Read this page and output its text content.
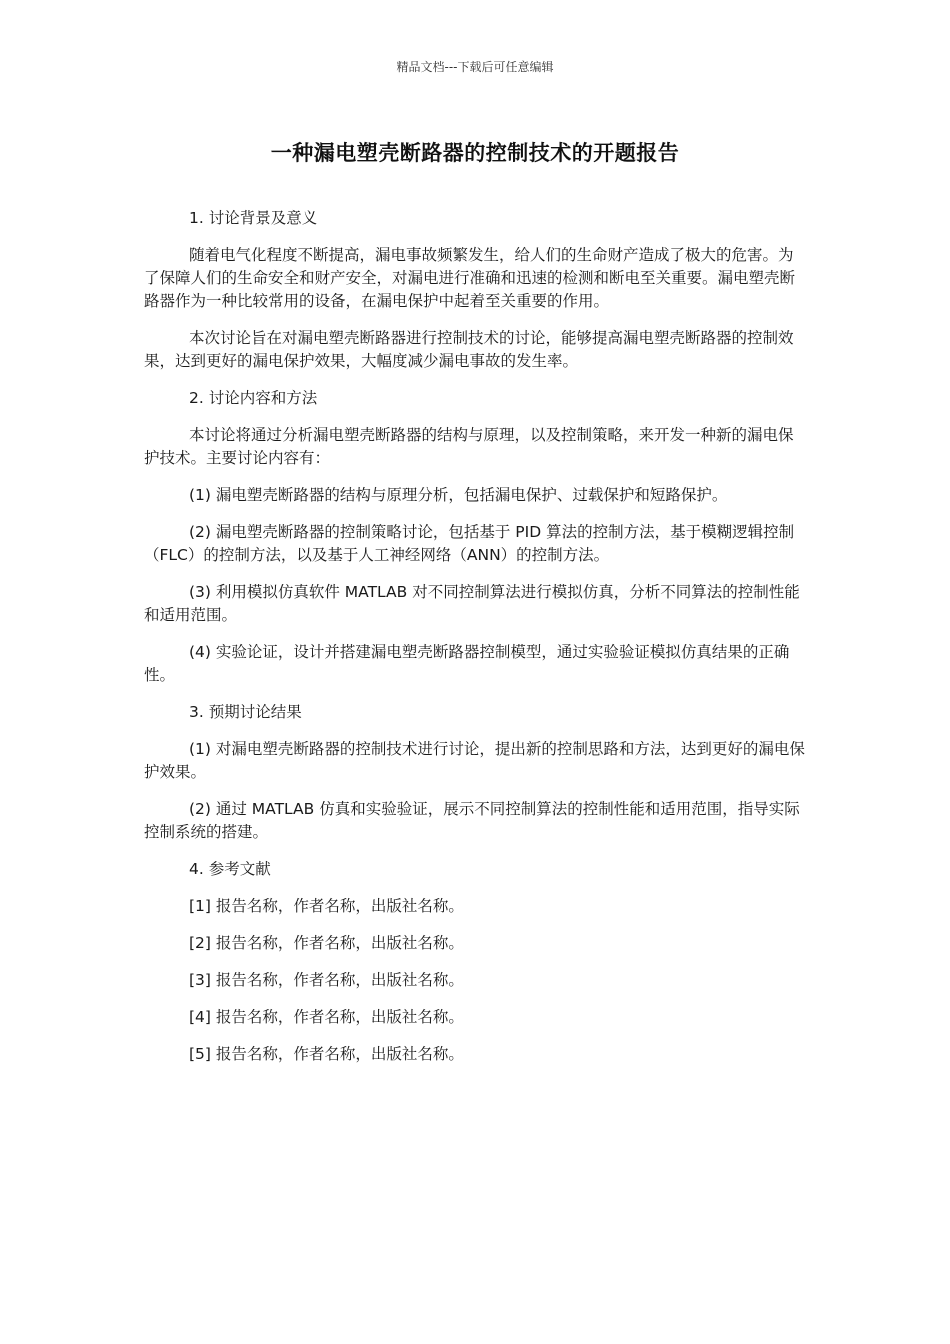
精品文档---下载后可任意编辑
一种漏电塑壳断路器的控制技术的开题报告

1. 讨论背景及意义

随着电气化程度不断提高，漏电事故频繁发生，给人们的生命财产造成了极大的危害。为了保障人们的生命安全和财产安全，对漏电进行准确和迅速的检测和断电至关重要。漏电塑壳断路器作为一种比较常用的设备，在漏电保护中起着至关重要的作用。

本次讨论旨在对漏电塑壳断路器进行控制技术的讨论，能够提高漏电塑壳断路器的控制效果，达到更好的漏电保护效果，大幅度减少漏电事故的发生率。

2. 讨论内容和方法

本讨论将通过分析漏电塑壳断路器的结构与原理，以及控制策略，来开发一种新的漏电保护技术。主要讨论内容有：

(1) 漏电塑壳断路器的结构与原理分析，包括漏电保护、过载保护和短路保护。

(2) 漏电塑壳断路器的控制策略讨论，包括基于 PID 算法的控制方法，基于模糊逻辑控制（FLC）的控制方法，以及基于人工神经网络（ANN）的控制方法。

(3) 利用模拟仿真软件 MATLAB 对不同控制算法进行模拟仿真，分析不同算法的控制性能和适用范围。

(4) 实验论证，设计并搭建漏电塑壳断路器控制模型，通过实验验证模拟仿真结果的正确性。

3. 预期讨论结果

(1) 对漏电塑壳断路器的控制技术进行讨论，提出新的控制思路和方法，达到更好的漏电保护效果。

(2) 通过 MATLAB 仿真和实验验证，展示不同控制算法的控制性能和适用范围，指导实际控制系统的搭建。

4. 参考文献

[1] 报告名称，作者名称，出版社名称。

[2] 报告名称，作者名称，出版社名称。

[3] 报告名称，作者名称，出版社名称。

[4] 报告名称，作者名称，出版社名称。

[5] 报告名称，作者名称，出版社名称。
